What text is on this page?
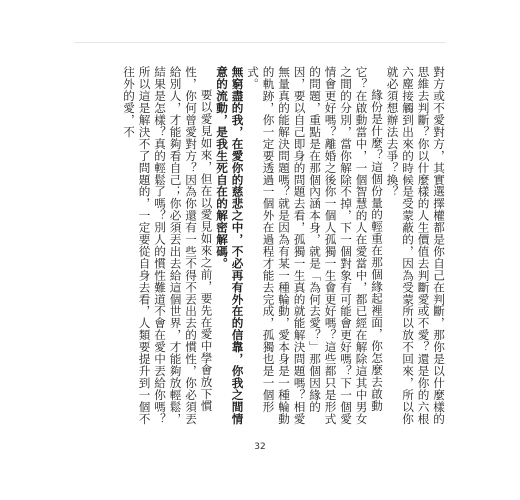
對方或不愛對方，其實選擇權都是你自己在判斷，那你是以什麼樣的思維去判斷？你以什麼樣的人生價值去判斷愛或不愛？還是你的六根六塵接觸到出來的時候是受蒙蔽的，因為受蒙所以放不回來，所以你就必須想辦法去爭？換？

緣份是什麼？這個份量的輕重在那個緣起裡面，你怎麼去啟動它？在啟動當中，一個智慧的人在愛當中，都已經在解除這其中男女之間的分別，當你解除不掉，下一個對象有可能會更好嗎？下一個愛情會更好嗎？離婚之後你一個人孤獨一生會更好嗎？這些都只是形式的問題，重點是在那個內涵本身，就是「為何去愛？」那個因緣的因，要以自己即身的問題去看，孤獨一生真的就能解決問題嗎？相愛無量真的能解決問題嗎？就是因為有某一種輪動，愛本身是一種輪動的軌跡，你一定要透過一個外在過程才能去完成，孤獨也是一個形式。

無窮盡的我，在愛你的慈悲之中，不必再有外在的信靠，你我之間情意的流動，是我生死自在的解密解碼。

要以愛見如來，但在以愛見如來之前，要先在愛中學會放下慣性，你何曾愛對方？因為你還有一些不得不丟出去的慣性，你必須丟給別人，才能夠看自己；你必須丟出去給這個世界，才能夠放輕鬆，結果是怎樣？真的輕鬆了嗎？別人的慣性難道不會在愛中丟給你嗎？所以這是解決不了問題的，一定要從自身去看，人類要提升到一個不往外的愛，不

32
